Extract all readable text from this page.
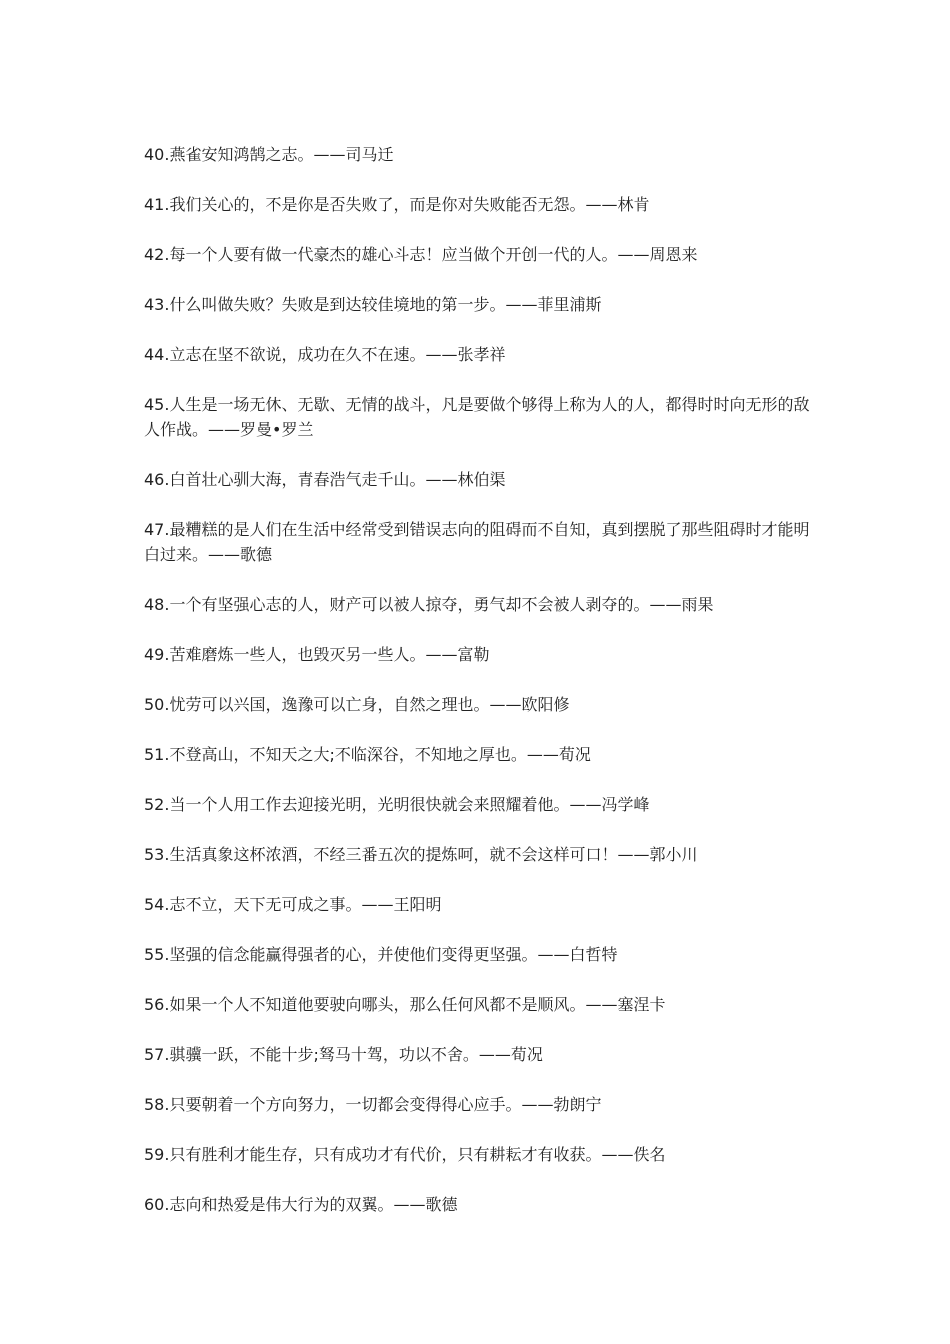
40.燕雀安知鸿鹄之志。——司马迁

41.我们关心的，不是你是否失败了，而是你对失败能否无怨。——林肯

42.每一个人要有做一代豪杰的雄心斗志！应当做个开创一代的人。——周恩来

43.什么叫做失败？失败是到达较佳境地的第一步。——菲里浦斯

44.立志在坚不欲说，成功在久不在速。——张孝祥

45.人生是一场无休、无歇、无情的战斗，凡是要做个够得上称为人的人，都得时时向无形的敌人作战。——罗曼•罗兰

46.白首壮心驯大海，青春浩气走千山。——林伯渠

47.最糟糕的是人们在生活中经常受到错误志向的阻碍而不自知，真到摆脱了那些阻碍时才能明白过来。——歌德

48.一个有坚强心志的人，财产可以被人掠夺，勇气却不会被人剥夺的。——雨果

49.苦难磨炼一些人，也毁灭另一些人。——富勒

50.忧劳可以兴国，逸豫可以亡身，自然之理也。——欧阳修

51.不登高山，不知天之大;不临深谷，不知地之厚也。——荀况

52.当一个人用工作去迎接光明，光明很快就会来照耀着他。——冯学峰

53.生活真象这杯浓酒，不经三番五次的提炼呵，就不会这样可口！——郭小川

54.志不立，天下无可成之事。——王阳明

55.坚强的信念能赢得强者的心，并使他们变得更坚强。——白哲特

56.如果一个人不知道他要驶向哪头，那么任何风都不是顺风。——塞涅卡

57.骐骥一跃，不能十步;驽马十驾，功以不舍。——荀况

58.只要朝着一个方向努力，一切都会变得得心应手。——勃朗宁

59.只有胜利才能生存，只有成功才有代价，只有耕耘才有收获。——佚名

60.志向和热爱是伟大行为的双翼。——歌德
